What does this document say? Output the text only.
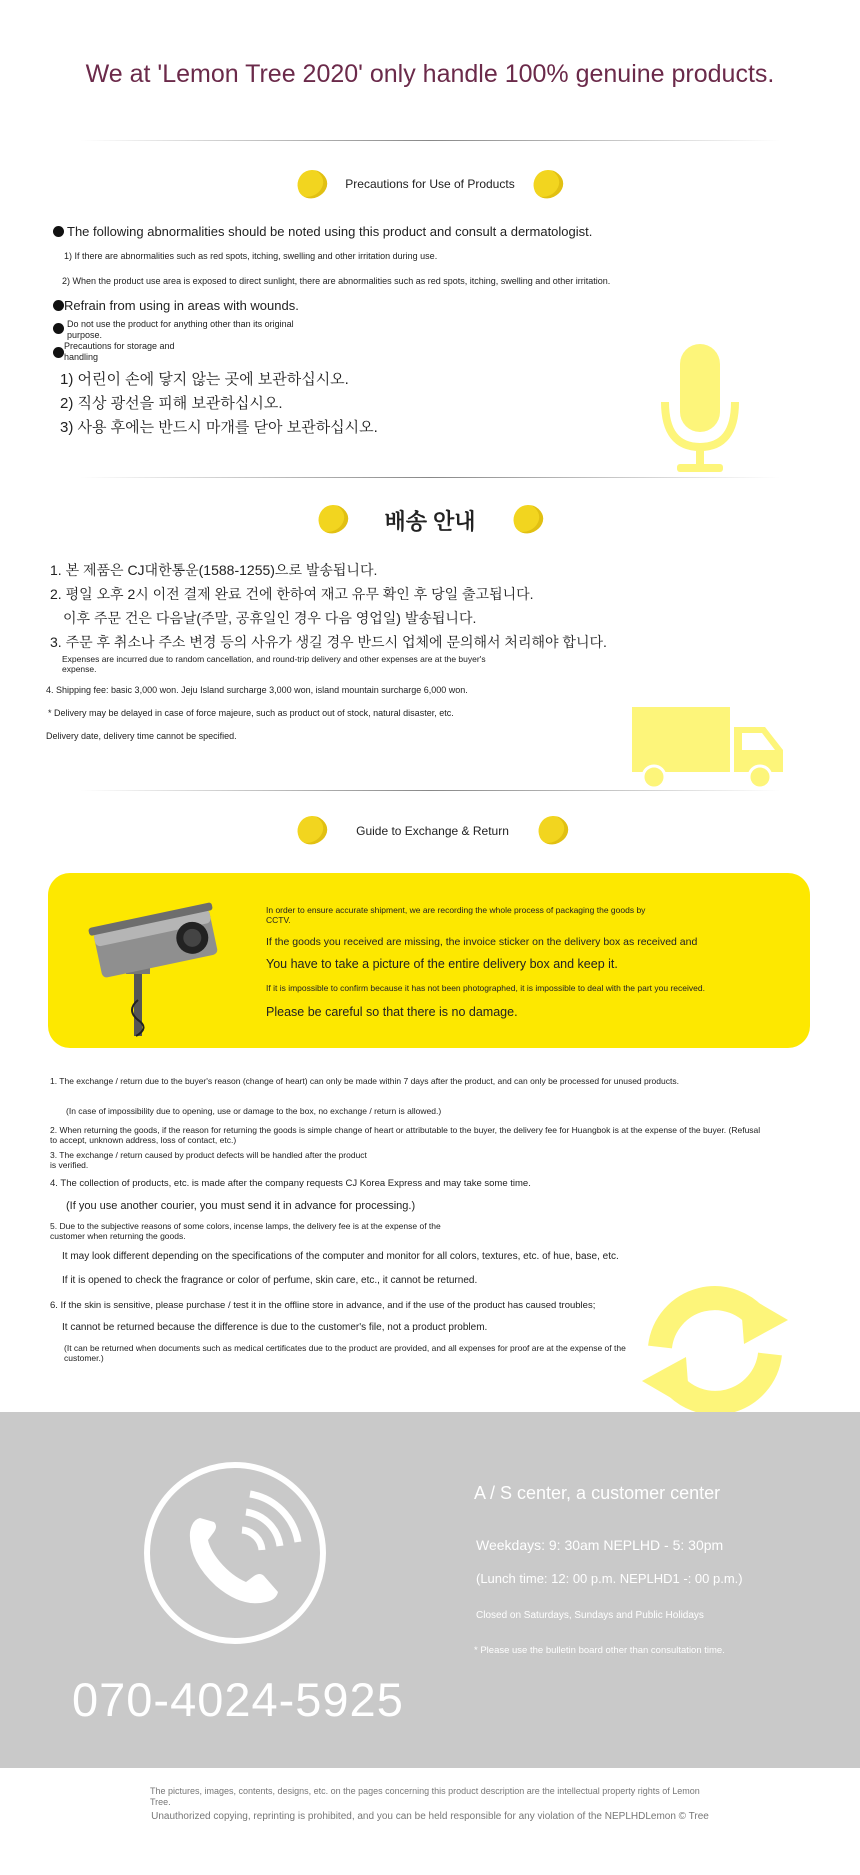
We at 'Lemon Tree 2020' only handle 100% genuine products.
Precautions for Use of Products
The following abnormalities should be noted using this product and consult a dermatologist.
1) If there are abnormalities such as red spots, itching, swelling and other irritation during use.
2) When the product use area is exposed to direct sunlight, there are abnormalities such as red spots, itching, swelling and other irritation.
Refrain from using in areas with wounds.
Do not use the product for anything other than its original purpose.
Precautions for storage and handling
1) 어린이 손에 닿지 않는 곳에 보관하십시오.
2) 직상 광선을 피해 보관하십시오.
3) 사용 후에는 반드시 마개를 닫아 보관하십시오.
배송 안내
1. 본 제품은 CJ대한통운(1588-1255)으로 발송됩니다.
2. 평일 오후 2시 이전 결제 완료 건에 한하여 재고 유무 확인 후 당일 출고됩니다.
이후 주문 건은 다음날(주말, 공휴일인 경우 다음 영업일) 발송됩니다.
3. 주문 후 취소나 주소 변경 등의 사유가 생길 경우 반드시 업체에 문의해서 처리해야 합니다.
Expenses are incurred due to random cancellation, and round-trip delivery and other expenses are at the buyer's expense.
4. Shipping fee: basic 3,000 won. Jeju Island surcharge 3,000 won, island mountain surcharge 6,000 won.
* Delivery may be delayed in case of force majeure, such as product out of stock, natural disaster, etc.
Delivery date, delivery time cannot be specified.
Guide to Exchange & Return
In order to ensure accurate shipment, we are recording the whole process of packaging the goods by CCTV.
If the goods you received are missing, the invoice sticker on the delivery box as received and
You have to take a picture of the entire delivery box and keep it.
If it is impossible to confirm because it has not been photographed, it is impossible to deal with the part you received.
Please be careful so that there is no damage.
1. The exchange / return due to the buyer's reason (change of heart) can only be made within 7 days after the product, and can only be processed for unused products.
(In case of impossibility due to opening, use or damage to the box, no exchange / return is allowed.)
2. When returning the goods, if the reason for returning the goods is simple change of heart or attributable to the buyer, the delivery fee for Huangbok is at the expense of the buyer. (Refusal to accept, unknown address, loss of contact, etc.)
3. The exchange / return caused by product defects will be handled after the product is verified.
4. The collection of products, etc. is made after the company requests CJ Korea Express and may take some time.
(If you use another courier, you must send it in advance for processing.)
5. Due to the subjective reasons of some colors, incense lamps, the delivery fee is at the expense of the customer when returning the goods.
It may look different depending on the specifications of the computer and monitor for all colors, textures, etc. of hue, base, etc.
If it is opened to check the fragrance or color of perfume, skin care, etc., it cannot be returned.
6. If the skin is sensitive, please purchase / test it in the offline store in advance, and if the use of the product has caused troubles;
It cannot be returned because the difference is due to the customer's file, not a product problem.
(It can be returned when documents such as medical certificates due to the product are provided, and all expenses for proof are at the expense of the customer.)
070-4024-5925
A / S center, a customer center
Weekdays: 9: 30am NEPLHD - 5: 30pm
(Lunch time: 12: 00 p.m. NEPLHD1 -: 00 p.m.)
Closed on Saturdays, Sundays and Public Holidays
* Please use the bulletin board other than consultation time.
The pictures, images, contents, designs, etc. on the pages concerning this product description are the intellectual property rights of Lemon Tree.
Unauthorized copying, reprinting is prohibited, and you can be held responsible for any violation of the NEPLHDLemon © Tree
